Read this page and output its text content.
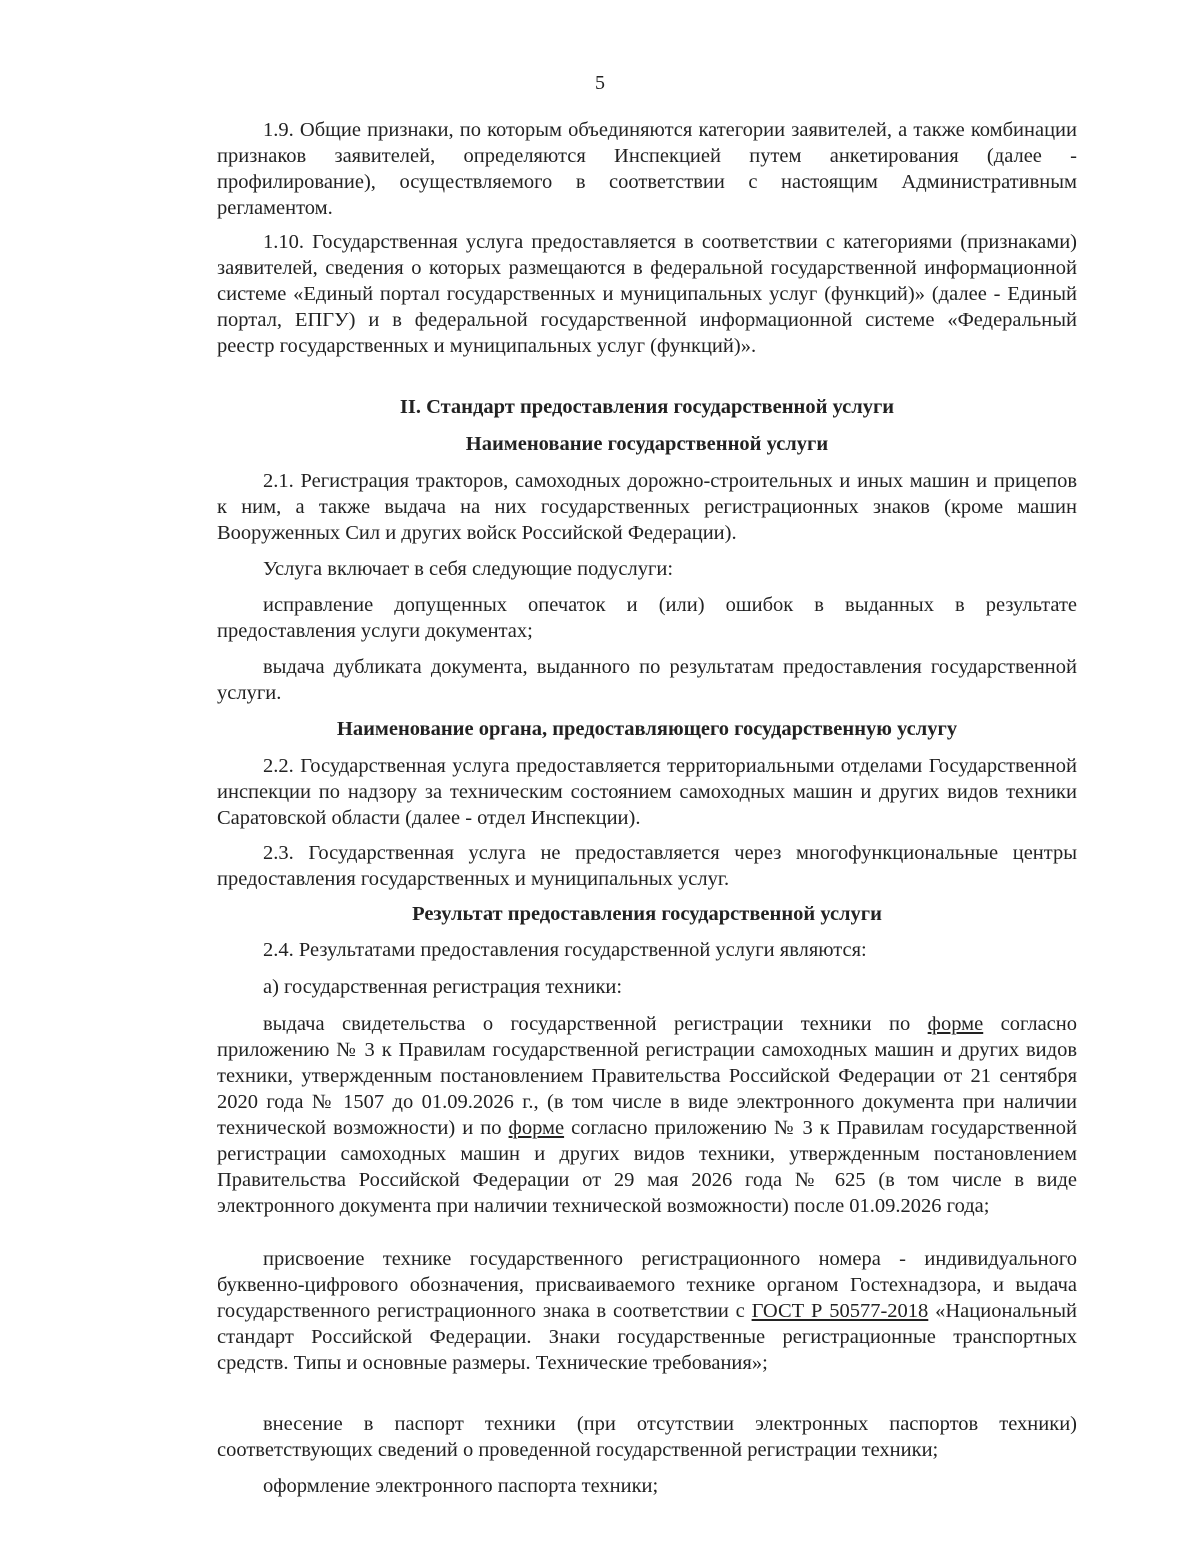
5

1.9. Общие признаки, по которым объединяются категории заявителей, а также комбинации признаков заявителей, определяются Инспекцией путем анкетирования (далее - профилирование), осуществляемого в соответствии с настоящим Административным регламентом.

1.10. Государственная услуга предоставляется в соответствии с категориями (признаками) заявителей, сведения о которых размещаются в федеральной государственной информационной системе «Единый портал государственных и муниципальных услуг (функций)» (далее - Единый портал, ЕПГУ) и в федеральной государственной информационной системе «Федеральный реестр государственных и муниципальных услуг (функций)».

II. Стандарт предоставления государственной услуги
Наименование государственной услуги

2.1. Регистрация тракторов, самоходных дорожно-строительных и иных машин и прицепов к ним, а также выдача на них государственных регистрационных знаков (кроме машин Вооруженных Сил и других войск Российской Федерации).

Услуга включает в себя следующие подуслуги:

исправление допущенных опечаток и (или) ошибок в выданных в результате предоставления услуги документах;

выдача дубликата документа, выданного по результатам предоставления государственной услуги.

Наименование органа, предоставляющего государственную услугу

2.2. Государственная услуга предоставляется территориальными отделами Государственной инспекции по надзору за техническим состоянием самоходных машин и других видов техники Саратовской области (далее - отдел Инспекции).

2.3. Государственная услуга не предоставляется через многофункциональные центры предоставления государственных и муниципальных услуг.

Результат предоставления государственной услуги

2.4. Результатами предоставления государственной услуги являются:

а) государственная регистрация техники:

выдача свидетельства о государственной регистрации техники по форме согласно приложению № 3 к Правилам государственной регистрации самоходных машин и других видов техники, утвержденным постановлением Правительства Российской Федерации от 21 сентября 2020 года № 1507 до 01.09.2026 г., (в том числе в виде электронного документа при наличии технической возможности) и по форме согласно приложению № 3 к Правилам государственной регистрации самоходных машин и других видов техники, утвержденным постановлением Правительства Российской Федерации от 29 мая 2026 года № 625 (в том числе в виде электронного документа при наличии технической возможности) после 01.09.2026 года;

присвоение технике государственного регистрационного номера - индивидуального буквенно-цифрового обозначения, присваиваемого технике органом Гостехнадзора, и выдача государственного регистрационного знака в соответствии с ГОСТ Р 50577-2018 «Национальный стандарт Российской Федерации. Знаки государственные регистрационные транспортных средств. Типы и основные размеры. Технические требования»;

внесение в паспорт техники (при отсутствии электронных паспортов техники) соответствующих сведений о проведенной государственной регистрации техники;

оформление электронного паспорта техники;
